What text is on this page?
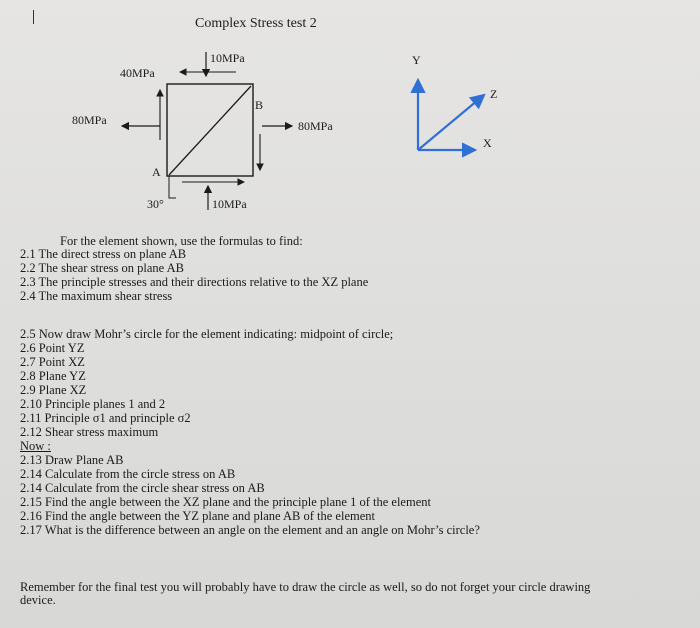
Complex Stress test 2
10MPa
40MPa
80MPa	80MPa
B
10MPa
A
30°
Y
Z
X
For the element shown, use the formulas to find:
2.1 The direct stress on plane AB
2.2 The shear stress on plane AB
2.3 The principle stresses and their directions relative to the XZ plane
2.4 The maximum shear stress
2.5 Now draw Mohr’s circle for the element indicating: midpoint of circle;
2.6 Point YZ
2.7 Point XZ
2.8 Plane YZ
2.9 Plane XZ
2.10 Principle planes 1 and 2
2.11 Principle σ1 and principle σ2
2.12 Shear stress maximum
Now :
2.13 Draw Plane AB
2.14 Calculate from the circle stress on AB
2.14 Calculate from the circle shear stress on AB
2.15 Find the angle between the XZ plane and the principle plane 1 of the element
2.16 Find the angle between the YZ plane and plane AB of the element
2.17 What is the difference between an angle on the element and an angle on Mohr’s circle?
Remember for the final test you will probably have to draw the circle as well, so do not forget your circle drawing
device.
